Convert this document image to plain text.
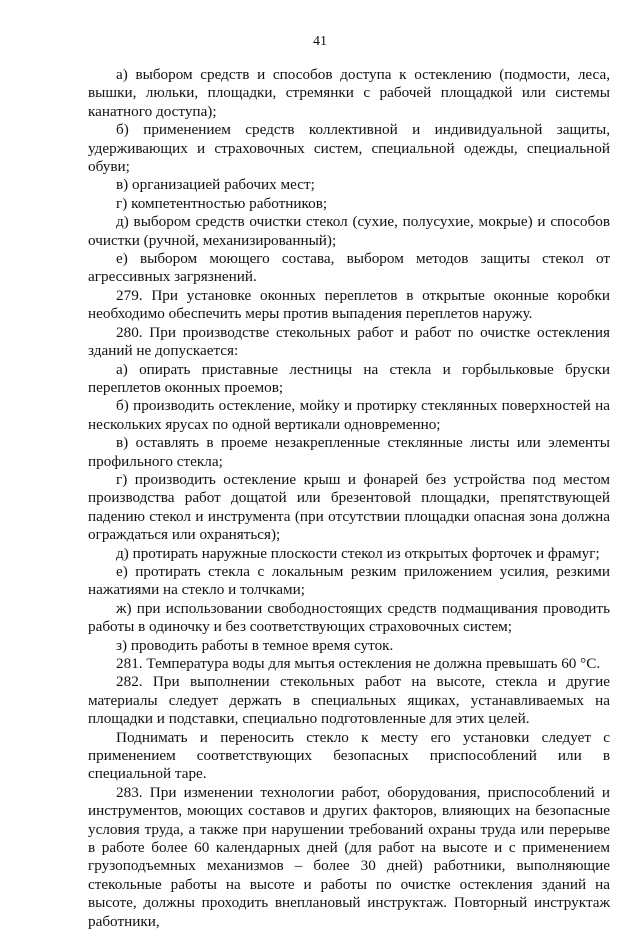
41

а) выбором средств и способов доступа к остеклению (подмости, леса, вышки, люльки, площадки, стремянки с рабочей площадкой или системы канатного доступа);

б) применением средств коллективной и индивидуальной защиты, удерживающих и страховочных систем, специальной одежды, специальной обуви;

в) организацией рабочих мест;

г) компетентностью работников;

д) выбором средств очистки стекол (сухие, полусухие, мокрые) и способов очистки (ручной, механизированный);

е) выбором моющего состава, выбором методов защиты стекол от агрессивных загрязнений.

279. При установке оконных переплетов в открытые оконные коробки необходимо обеспечить меры против выпадения переплетов наружу.

280. При производстве стекольных работ и работ по очистке остекления зданий не допускается:

а) опирать приставные лестницы на стекла и горбыльковые бруски переплетов оконных проемов;

б) производить остекление, мойку и протирку стеклянных поверхностей на нескольких ярусах по одной вертикали одновременно;

в) оставлять в проеме незакрепленные стеклянные листы или элементы профильного стекла;

г) производить остекление крыш и фонарей без устройства под местом производства работ дощатой или брезентовой площадки, препятствующей падению стекол и инструмента (при отсутствии площадки опасная зона должна ограждаться или охраняться);

д) протирать наружные плоскости стекол из открытых форточек и фрамуг;

е) протирать стекла с локальным резким приложением усилия, резкими нажатиями на стекло и толчками;

ж) при использовании свободностоящих средств подмащивания проводить работы в одиночку и без соответствующих страховочных систем;

з) проводить работы в темное время суток.

281. Температура воды для мытья остекления не должна превышать 60 °С.

282. При выполнении стекольных работ на высоте, стекла и другие материалы следует держать в специальных ящиках, устанавливаемых на площадки и подставки, специально подготовленные для этих целей.

Поднимать и переносить стекло к месту его установки следует с применением соответствующих безопасных приспособлений или в специальной таре.

283. При изменении технологии работ, оборудования, приспособлений и инструментов, моющих составов и других факторов, влияющих на безопасные условия труда, а также при нарушении требований охраны труда или перерыве в работе более 60 календарных дней (для работ на высоте и с применением грузоподъемных механизмов – более 30 дней) работники, выполняющие стекольные работы на высоте и работы по очистке остекления зданий на высоте, должны проходить внеплановый инструктаж. Повторный инструктаж работники,
